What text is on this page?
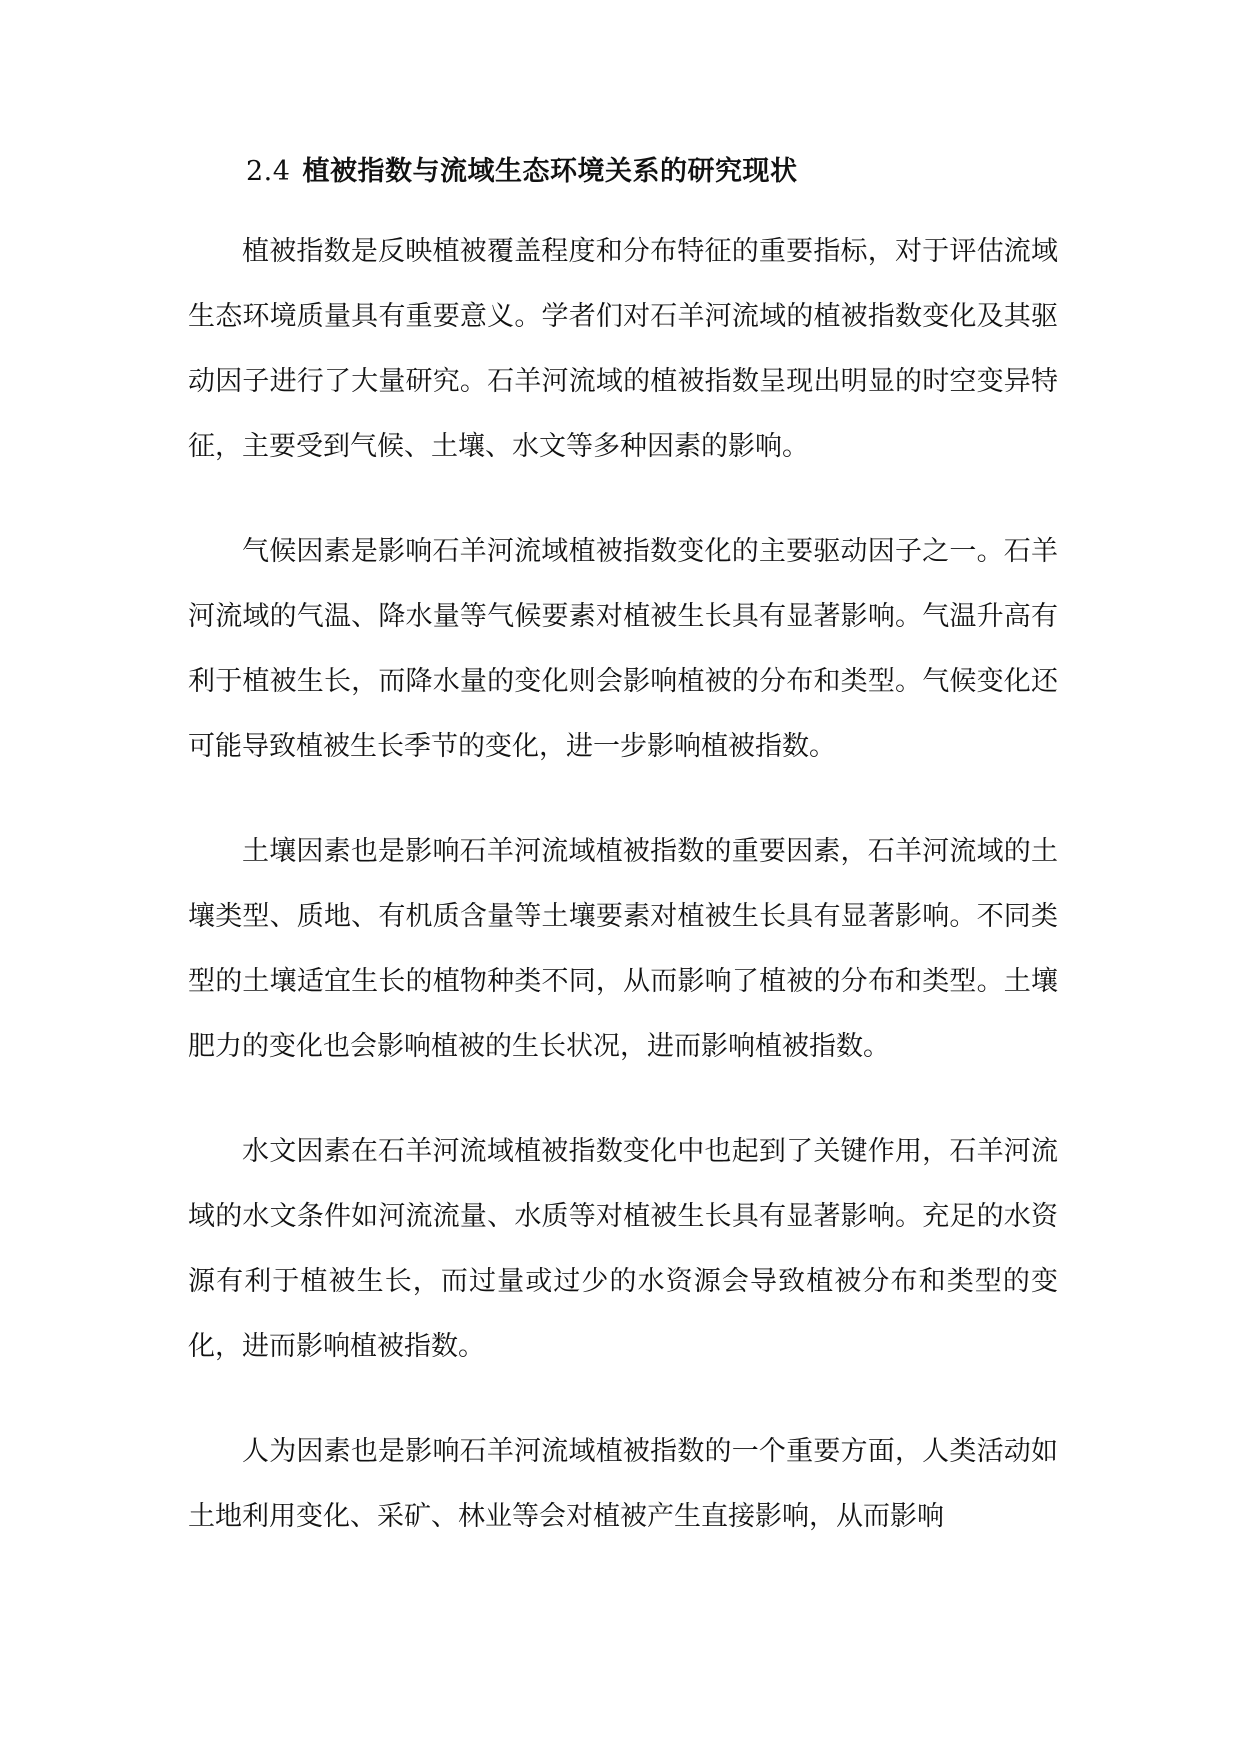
2.4 植被指数与流域生态环境关系的研究现状
植被指数是反映植被覆盖程度和分布特征的重要指标，对于评估流域生态环境质量具有重要意义。学者们对石羊河流域的植被指数变化及其驱动因子进行了大量研究。石羊河流域的植被指数呈现出明显的时空变异特征，主要受到气候、土壤、水文等多种因素的影响。
气候因素是影响石羊河流域植被指数变化的主要驱动因子之一。石羊河流域的气温、降水量等气候要素对植被生长具有显著影响。气温升高有利于植被生长，而降水量的变化则会影响植被的分布和类型。气候变化还可能导致植被生长季节的变化，进一步影响植被指数。
土壤因素也是影响石羊河流域植被指数的重要因素，石羊河流域的土壤类型、质地、有机质含量等土壤要素对植被生长具有显著影响。不同类型的土壤适宜生长的植物种类不同，从而影响了植被的分布和类型。土壤肥力的变化也会影响植被的生长状况，进而影响植被指数。
水文因素在石羊河流域植被指数变化中也起到了关键作用，石羊河流域的水文条件如河流流量、水质等对植被生长具有显著影响。充足的水资源有利于植被生长，而过量或过少的水资源会导致植被分布和类型的变化，进而影响植被指数。
人为因素也是影响石羊河流域植被指数的一个重要方面，人类活动如土地利用变化、采矿、林业等会对植被产生直接影响，从而影响
